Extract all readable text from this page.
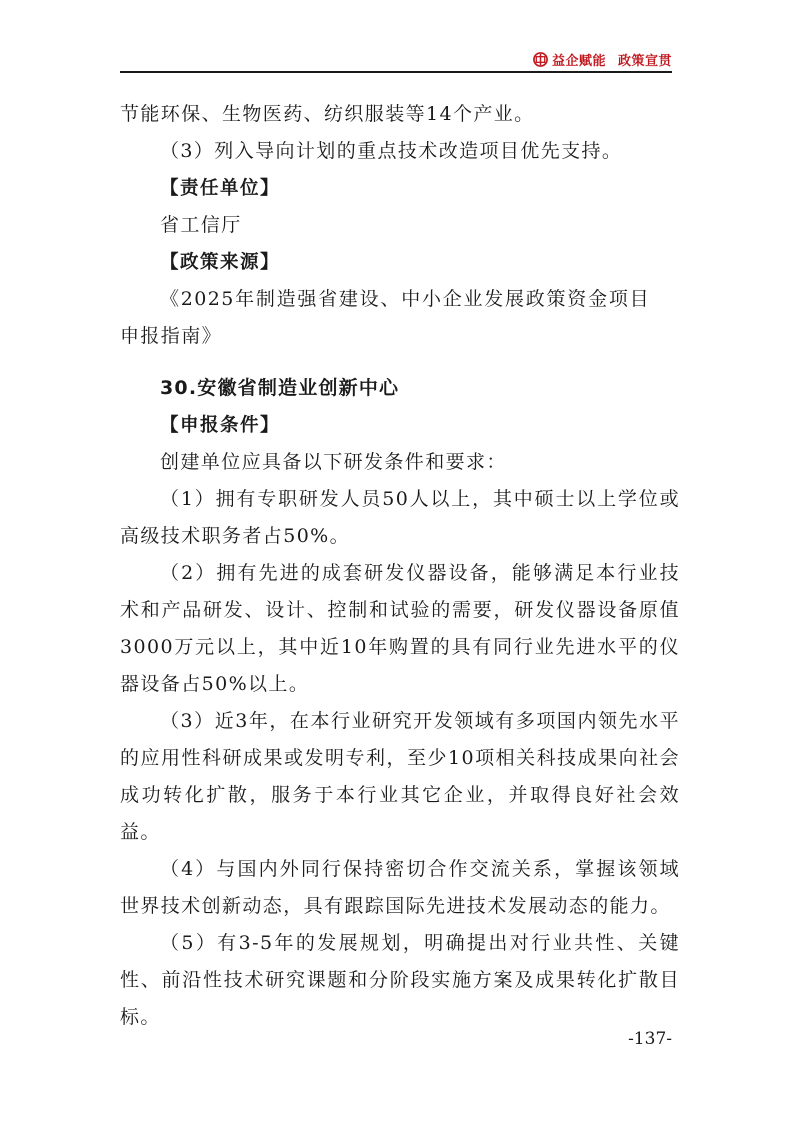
益企赋能 政策宣贯
节能环保、生物医药、纺织服装等14个产业。
（3）列入导向计划的重点技术改造项目优先支持。
【责任单位】
省工信厅
【政策来源】
《2025年制造强省建设、中小企业发展政策资金项目申报指南》
30.安徽省制造业创新中心
【申报条件】
创建单位应具备以下研发条件和要求：
（1）拥有专职研发人员50人以上，其中硕士以上学位或高级技术职务者占50%。
（2）拥有先进的成套研发仪器设备，能够满足本行业技术和产品研发、设计、控制和试验的需要，研发仪器设备原值3000万元以上，其中近10年购置的具有同行业先进水平的仪器设备占50%以上。
（3）近3年，在本行业研究开发领域有多项国内领先水平的应用性科研成果或发明专利，至少10项相关科技成果向社会成功转化扩散，服务于本行业其它企业，并取得良好社会效益。
（4）与国内外同行保持密切合作交流关系，掌握该领域世界技术创新动态，具有跟踪国际先进技术发展动态的能力。
（5）有3-5年的发展规划，明确提出对行业共性、关键性、前沿性技术研究课题和分阶段实施方案及成果转化扩散目标。
-137-
